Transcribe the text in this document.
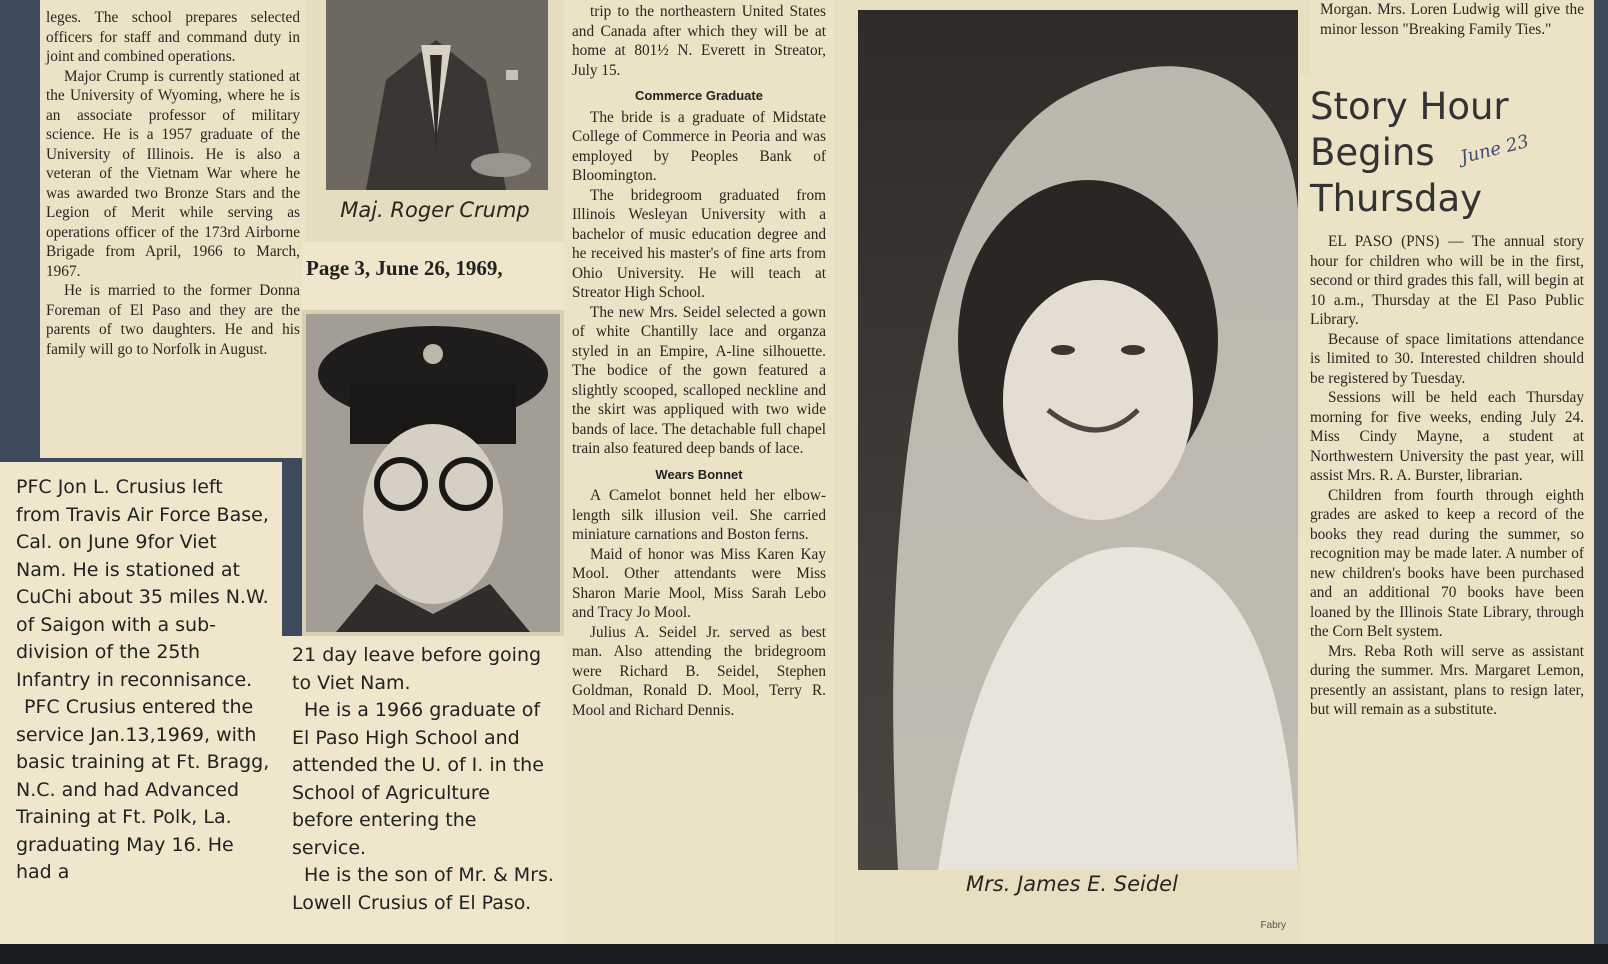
leges. The school prepares selected officers for staff and command duty in joint and combined operations.

Major Crump is currently stationed at the University of Wyoming, where he is an associate professor of military science. He is a 1957 graduate of the University of Illinois. He is also a veteran of the Vietnam War where he was awarded two Bronze Stars and the Legion of Merit while serving as operations officer of the 173rd Airborne Brigade from April, 1966 to March, 1967.

He is married to the former Donna Foreman of El Paso and they are the parents of two daughters. He and his family will go to Norfolk in August.

PFC Jon L. Crusius left from Travis Air Force Base, Cal. on June 9for Viet Nam. He is stationed at CuChi about 35 miles N.W. of Saigon with a sub-division of the 25th Infantry in reconnisance.

PFC Crusius entered the service Jan.13,1969, with basic training at Ft. Bragg, N.C. and had Advanced Training at Ft. Polk, La. graduating May 16. He had a

Maj. Roger Crump
Page 3, June 26, 1969,

21 day leave before going to Viet Nam.

He is a 1966 graduate of El Paso High School and attended the U. of I. in the School of Agriculture before entering the service.

He is the son of Mr. & Mrs. Lowell Crusius of El Paso.

trip to the northeastern United States and Canada after which they will be at home at 801½ N. Everett in Streator, July 15.

Commerce Graduate

The bride is a graduate of Midstate College of Commerce in Peoria and was employed by Peoples Bank of Bloomington.

The bridegroom graduated from Illinois Wesleyan University with a bachelor of music education degree and he received his master's of fine arts from Ohio University. He will teach at Streator High School.

The new Mrs. Seidel selected a gown of white Chantilly lace and organza styled in an Empire, A-line silhouette. The bodice of the gown featured a slightly scooped, scalloped neckline and the skirt was appliqued with two wide bands of lace. The detachable full chapel train also featured deep bands of lace.

Wears Bonnet

A Camelot bonnet held her elbow-length silk illusion veil. She carried miniature carnations and Boston ferns.

Maid of honor was Miss Karen Kay Mool. Other attendants were Miss Sharon Marie Mool, Miss Sarah Lebo and Tracy Jo Mool.

Julius A. Seidel Jr. served as best man. Also attending the bridegroom were Richard B. Seidel, Stephen Goldman, Ronald D. Mool, Terry R. Mool and Richard Dennis.

Mrs. James E. Seidel
Fabry

Morgan. Mrs. Loren Ludwig will give the minor lesson "Breaking Family Ties."

Story Hour
Begins
Thursday
June 23

EL PASO (PNS) — The annual story hour for children who will be in the first, second or third grades this fall, will begin at 10 a.m., Thursday at the El Paso Public Library.

Because of space limitations attendance is limited to 30. Interested children should be registered by Tuesday.

Sessions will be held each Thursday morning for five weeks, ending July 24. Miss Cindy Mayne, a student at Northwestern University the past year, will assist Mrs. R. A. Burster, librarian.

Children from fourth through eighth grades are asked to keep a record of the books they read during the summer, so recognition may be made later. A number of new children's books have been purchased and an additional 70 books have been loaned by the Illinois State Library, through the Corn Belt system.

Mrs. Reba Roth will serve as assistant during the summer. Mrs. Margaret Lemon, presently an assistant, plans to resign later, but will remain as a substitute.
